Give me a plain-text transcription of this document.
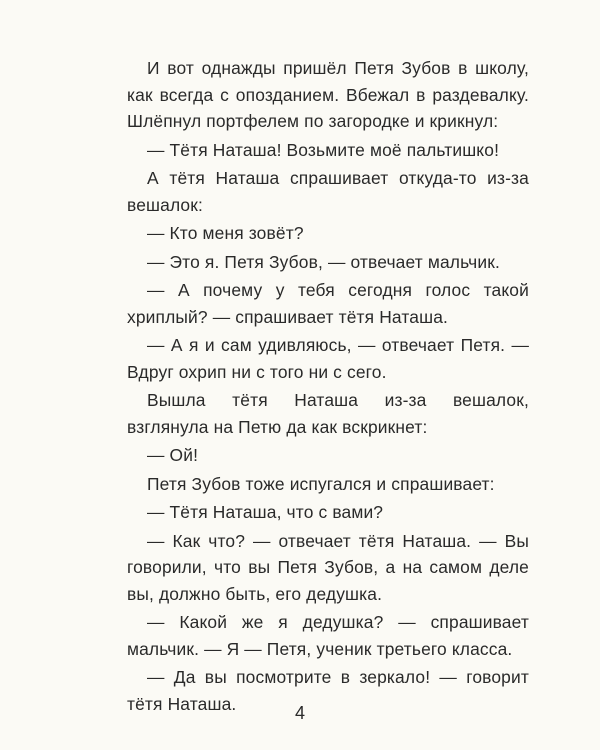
И вот однажды пришёл Петя Зубов в школу, как всегда с опозданием. Вбежал в раздевалку. Шлёпнул портфелем по загородке и крикнул:

— Тётя Наташа! Возьмите моё пальтишко!

А тётя Наташа спрашивает откуда-то из-за вешалок:

— Кто меня зовёт?

— Это я. Петя Зубов, — отвечает мальчик.

— А почему у тебя сегодня голос такой хриплый? — спрашивает тётя Наташа.

— А я и сам удивляюсь, — отвечает Петя. — Вдруг охрип ни с того ни с сего.

Вышла тётя Наташа из-за вешалок, взглянула на Петю да как вскрикнет:

— Ой!

Петя Зубов тоже испугался и спрашивает:

— Тётя Наташа, что с вами?

— Как что? — отвечает тётя Наташа. — Вы говорили, что вы Петя Зубов, а на самом деле вы, должно быть, его дедушка.

— Какой же я дедушка? — спрашивает мальчик. — Я — Петя, ученик третьего класса.

— Да вы посмотрите в зеркало! — говорит тётя Наташа.	4
